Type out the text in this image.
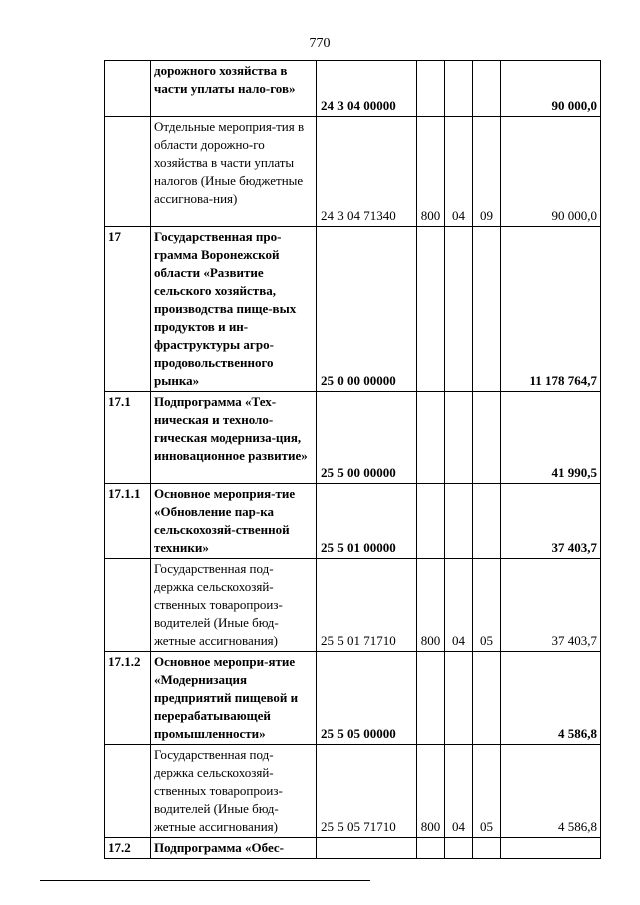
770
	дорожного хозяйства в части уплаты нало-гов»	24 3 04 00000				90 000,0
	Отдельные мероприя-тия в области дорожно-го хозяйства в части уплаты налогов (Иные бюджетные ассигнова-ния)	24 3 04 71340	800	04	09	90 000,0
17	Государственная про-грамма Воронежской области «Развитие сельского хозяйства, производства пище-вых продуктов и ин-фраструктуры агро-продовольственного рынка»	25 0 00 00000				11 178 764,7
17.1	Подпрограмма «Тех-ническая и техноло-гическая модерниза-ция, инновационное развитие»	25 5 00 00000				41 990,5
17.1.1	Основное мероприя-тие «Обновление пар-ка сельскохозяй-ственной техники»	25 5 01 00000				37 403,7
	Государственная под-держка сельскохозяй-ственных товаропроиз-водителей (Иные бюд-жетные ассигнования)	25 5 01 71710	800	04	05	37 403,7
17.1.2	Основное меропри-ятие «Модернизация предприятий пищевой и перерабатывающей промышленности»	25 5 05 00000				4 586,8
	Государственная под-держка сельскохозяй-ственных товаропроиз-водителей (Иные бюд-жетные ассигнования)	25 5 05 71710	800	04	05	4 586,8
17.2	Подпрограмма «Обес-					
